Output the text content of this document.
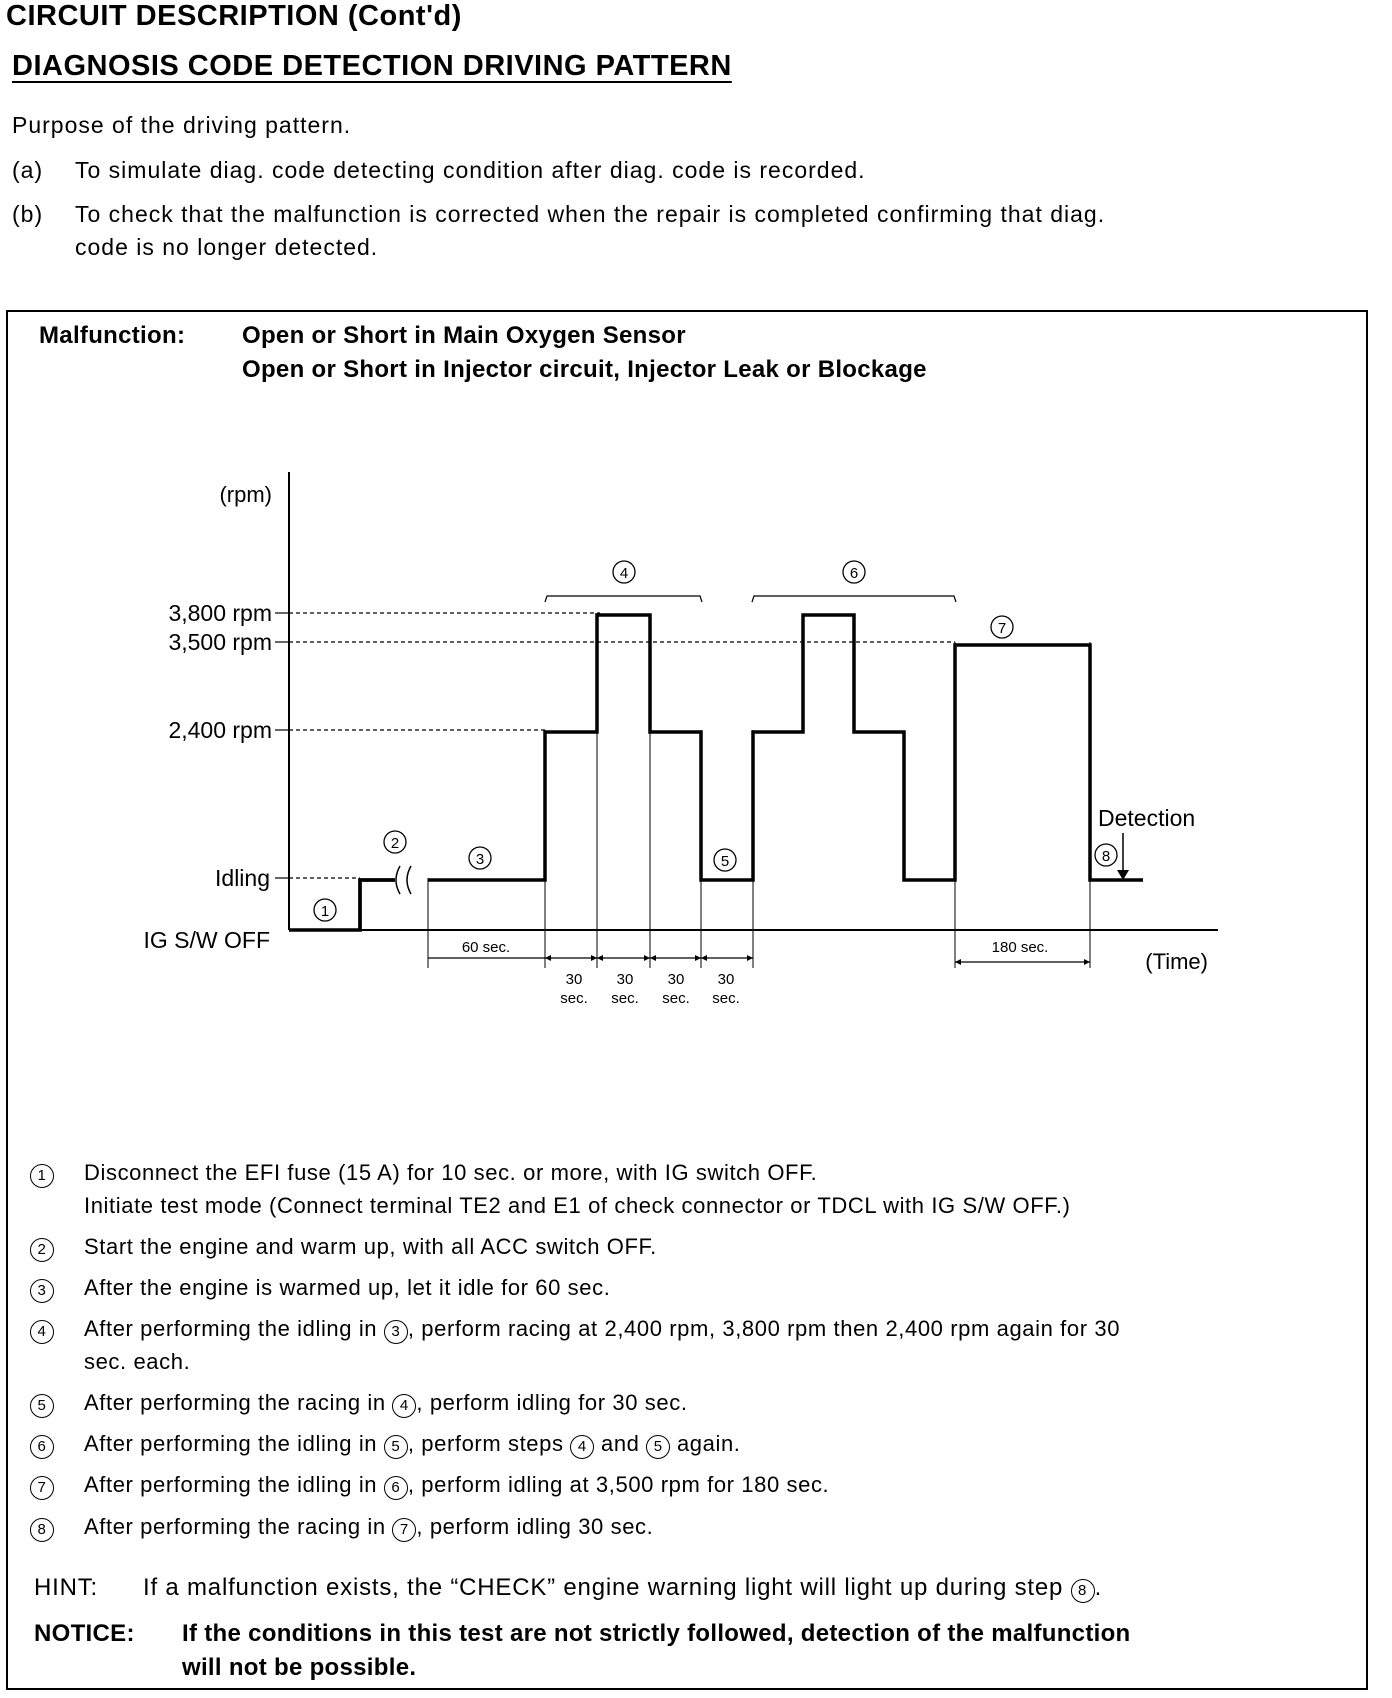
CIRCUIT DESCRIPTION (Cont'd)
DIAGNOSIS CODE DETECTION DRIVING PATTERN
Purpose of the driving pattern.
(a) To simulate diag. code detecting condition after diag. code is recorded.
(b) To check that the malfunction is corrected when the repair is completed confirming that diag.
code is no longer detected.
Malfunction: Open or Short in Main Oxygen Sensor
Open or Short in Injector circuit, Injector Leak or Blockage
(rpm)
3,800 rpm
3,500 rpm
2,400 rpm
Idling
IG S/W OFF
(Time)
1
2
3
4
5
6
7
8
Detection
60 sec.
30
sec.
30
sec.
30
sec.
30
sec.
180 sec.
1	Disconnect the EFI fuse (15 A) for 10 sec. or more, with IG switch OFF.
Initiate test mode (Connect terminal TE2 and E1 of check connector or TDCL with IG S/W OFF.)
2	Start the engine and warm up, with all ACC switch OFF.
3	After the engine is warmed up, let it idle for 60 sec.
4	After performing the idling in 3 , perform racing at 2,400 rpm, 3,800 rpm then 2,400 rpm again for 30
sec. each.
5	After performing the racing in 4 , perform idling for 30 sec.
6	After performing the idling in 5 , perform steps 4 and 5 again.
7	After performing the idling in 6 , perform idling at 3,500 rpm for 180 sec.
8	After performing the racing in 7 , perform idling 30 sec.
HINT: If a malfunction exists, the “CHECK” engine warning light will light up during step 8 .
NOTICE: If the conditions in this test are not strictly followed, detection of the malfunction
will not be possible.
